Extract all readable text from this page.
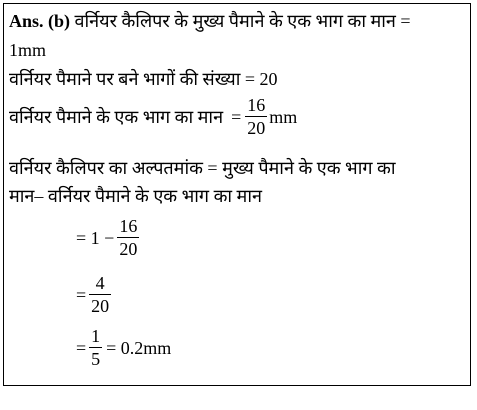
Ans. (b) वर्नियर कैलिपर के मुख्य पैमाने के एक भाग का मान =
1mm
वर्नियर पैमाने पर बने भागों की संख्या = 20
वर्नियर पैमाने के एक भाग का मान = $\frac{16}{20}$ mm
वर्नियर कैलिपर का अल्पतमांक = मुख्य पैमाने के एक भाग का
मान– वर्नियर पैमाने के एक भाग का मान
= $1 - \frac{16}{20}$
= $\frac{4}{20}$
= $\frac{1}{5} = 0.2mm$
